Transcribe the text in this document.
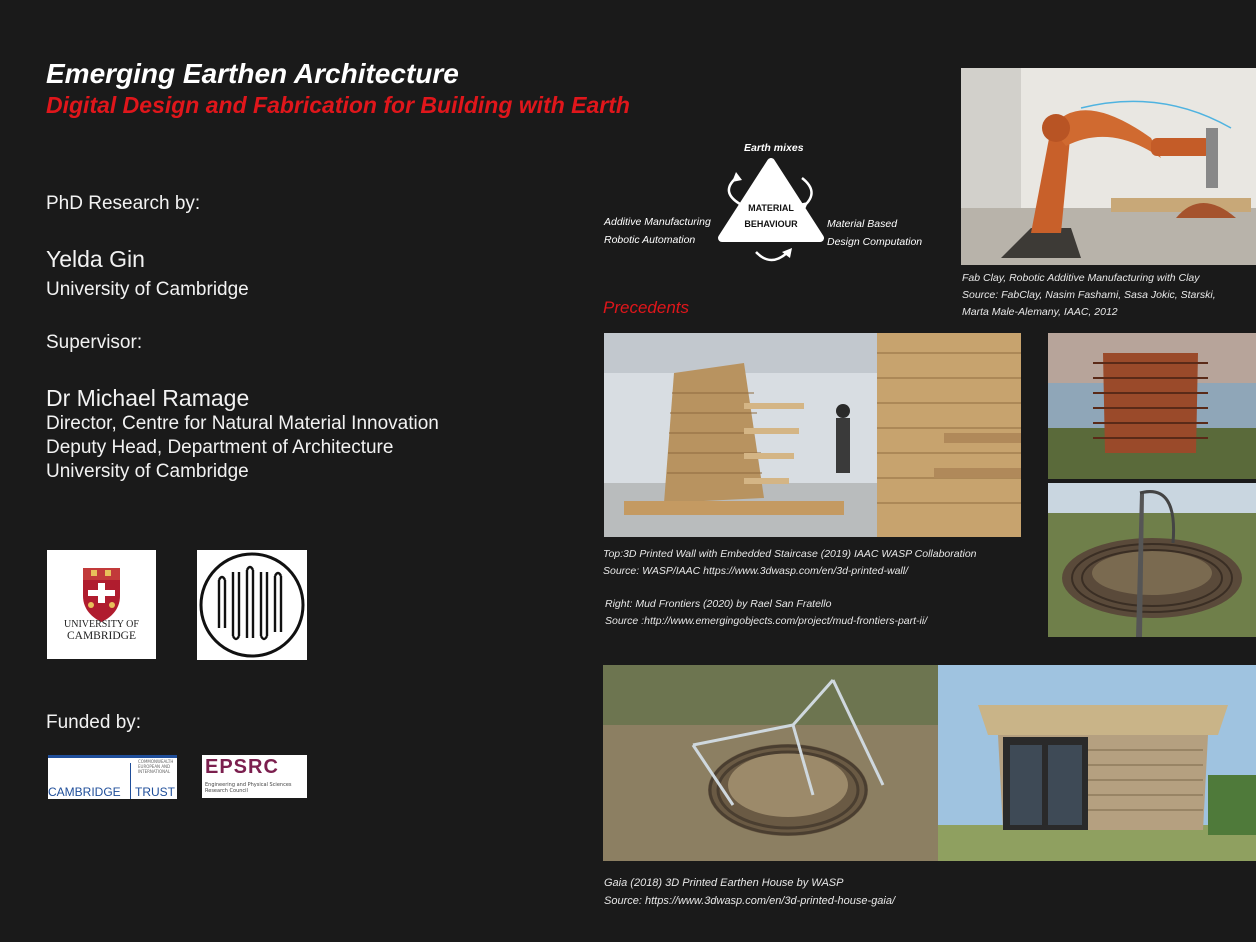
Emerging Earthen Architecture
Digital Design and Fabrication for Building with Earth
PhD Research by:
Yelda Gin
University of Cambridge
Supervisor:
Dr Michael Ramage
Director, Centre for Natural Material Innovation
Deputy Head, Department of Architecture
University of Cambridge
UNIVERSITY OF
CAMBRIDGE
Funded by:
COMMONWEALTH
EUROPEAN AND
INTERNATIONAL
CAMBRIDGE TRUST
EPSRC
Engineering and Physical Sciences
Research Council
Earth mixes
Additive Manufacturing
Robotic Automation
Material Based
Design Computation
MATERIAL
BEHAVIOUR
Fab Clay, Robotic Additive Manufacturing with Clay
Source: FabClay, Nasim Fashami, Sasa Jokic, Starski,
Marta Male-Alemany, IAAC, 2012
Precedents
Top:3D Printed Wall with Embedded Staircase (2019) IAAC WASP Collaboration
Source: WASP/IAAC https://www.3dwasp.com/en/3d-printed-wall/
Right: Mud Frontiers (2020) by Rael San Fratello
Source :http://www.emergingobjects.com/project/mud-frontiers-part-ii/
Gaia (2018) 3D Printed Earthen House by WASP
Source: https://www.3dwasp.com/en/3d-printed-house-gaia/
